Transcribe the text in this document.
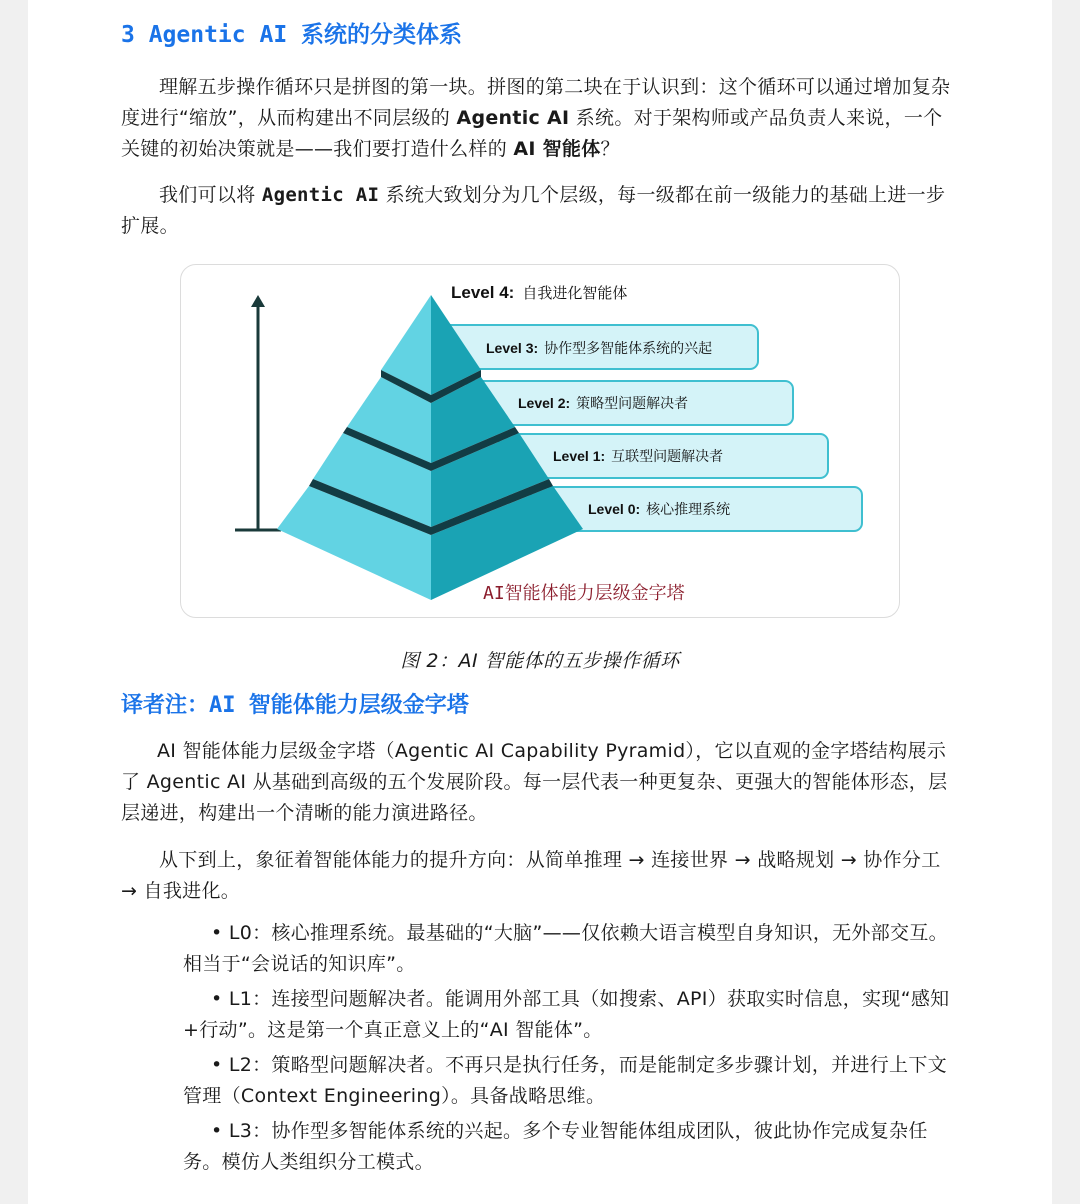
3 Agentic AI 系统的分类体系

理解五步操作循环只是拼图的第一块。拼图的第二块在于认识到：这个循环可以通过增加复杂度进行“缩放”，从而构建出不同层级的 Agentic AI 系统。对于架构师或产品负责人来说，一个关键的初始决策就是——我们要打造什么样的 AI 智能体？

我们可以将 Agentic AI 系统大致划分为几个层级，每一级都在前一级能力的基础上进一步扩展。

Level 4: 自我进化智能体
Level 3: 协作型多智能体系统的兴起
Level 2: 策略型问题解决者
Level 1: 互联型问题解决者
Level 0: 核心推理系统
AI智能体能力层级金字塔
图 2：AI 智能体的五步操作循环
译者注：AI 智能体能力层级金字塔

AI 智能体能力层级金字塔（Agentic AI Capability Pyramid），它以直观的金字塔结构展示了 Agentic AI 从基础到高级的五个发展阶段。每一层代表一种更复杂、更强大的智能体形态，层层递进，构建出一个清晰的能力演进路径。

从下到上，象征着智能体能力的提升方向：从简单推理 → 连接世界 → 战略规划 → 协作分工 → 自我进化。

• L0：核心推理系统。最基础的“大脑”——仅依赖大语言模型自身知识，无外部交互。相当于“会说话的知识库”。
• L1：连接型问题解决者。能调用外部工具（如搜索、API）获取实时信息，实现“感知+行动”。这是第一个真正意义上的“AI 智能体”。
• L2：策略型问题解决者。不再只是执行任务，而是能制定多步骤计划，并进行上下文管理（Context Engineering）。具备战略思维。
• L3：协作型多智能体系统的兴起。多个专业智能体组成团队，彼此协作完成复杂任务。模仿人类组织分工模式。
